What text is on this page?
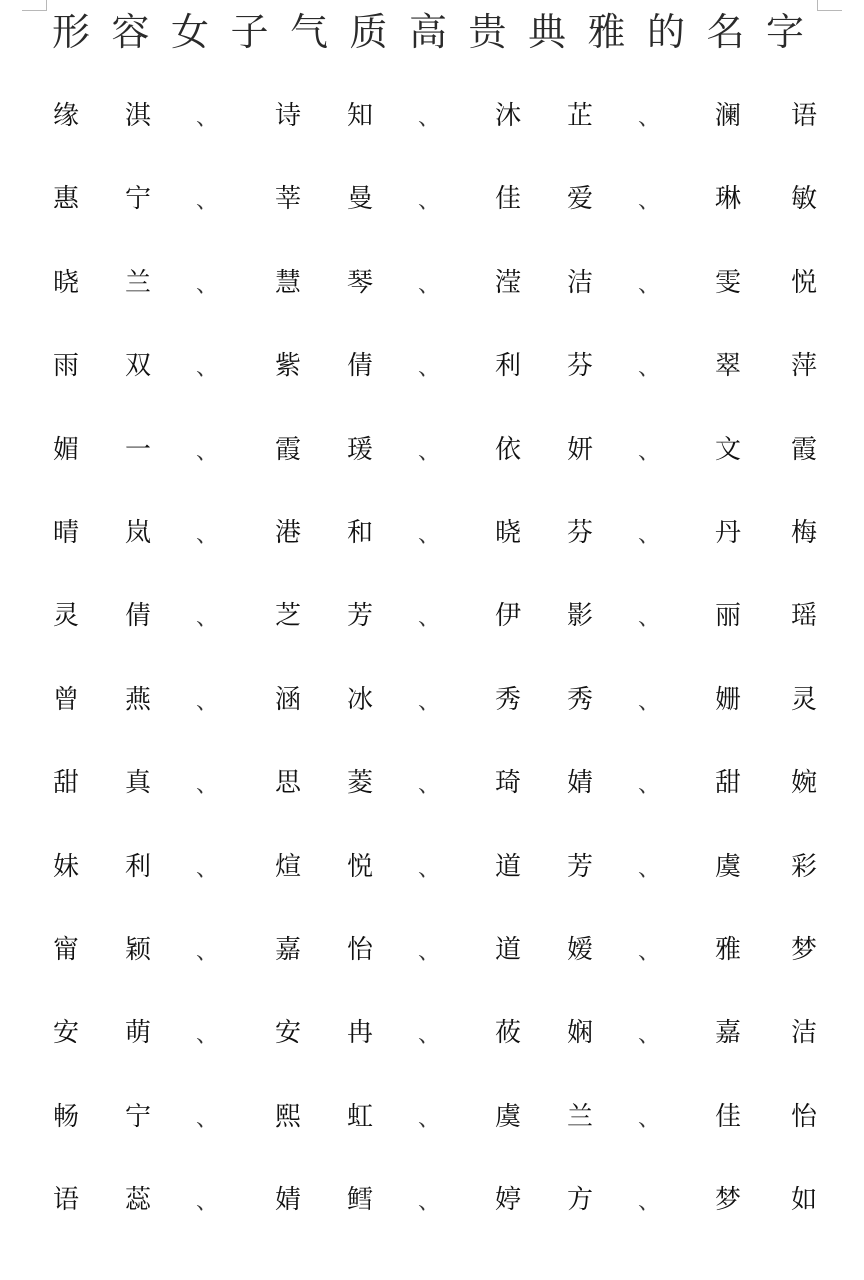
形容女子气质高贵典雅的名字
缘 淇 、 诗 知 、 沐 芷 、 澜 语
惠 宁 、 莘 曼 、 佳 爱 、 琳 敏
晓 兰 、 慧 琴 、 滢 洁 、 雯 悦
雨 双 、 紫 倩 、 利 芬 、 翠 萍
媚 一 、 霞 瑗 、 依 妍 、 文 霞
晴 岚 、 港 和 、 晓 芬 、 丹 梅
灵 倩 、 芝 芳 、 伊 影 、 丽 瑶
曾 燕 、 涵 冰 、 秀 秀 、 姗 灵
甜 真 、 思 菱 、 琦 婧 、 甜 婉
妹 利 、 煊 悦 、 道 芳 、 虞 彩
甯 颖 、 嘉 怡 、 道 嫒 、 雅 梦
安 萌 、 安 冉 、 莜 娴 、 嘉 洁
畅 宁 、 熙 虹 、 虞 兰 、 佳 怡
语 蕊 、 婧 鳕 、 婷 方 、 梦 如
